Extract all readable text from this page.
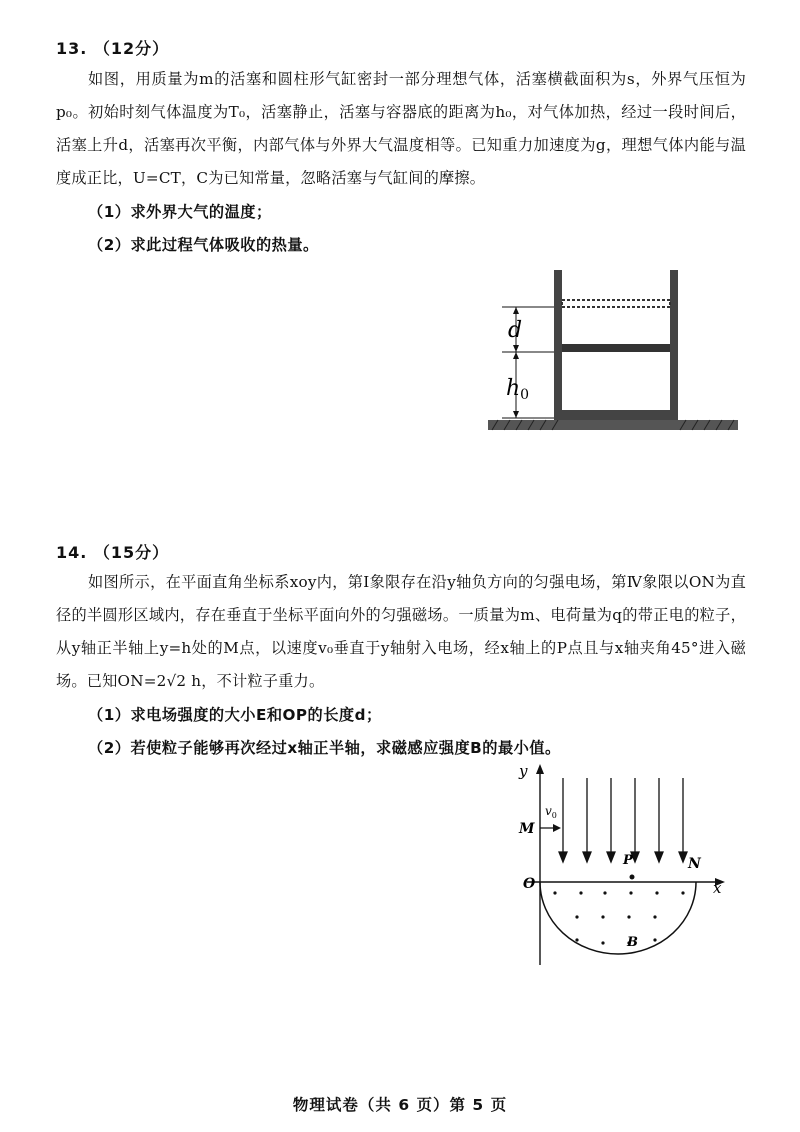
13. （12分）
如图，用质量为m的活塞和圆柱形气缸密封一部分理想气体，活塞横截面积为s，外界气压恒为p₀。初始时刻气体温度为T₀，活塞静止，活塞与容器底的距离为h₀，对气体加热，经过一段时间后，活塞上升d，活塞再次平衡，内部气体与外界大气温度相等。已知重力加速度为g，理想气体内能与温度成正比，U=CT，C为已知常量，忽略活塞与气缸间的摩擦。
（1）求外界大气的温度；
（2）求此过程气体吸收的热量。
d
h0
14. （15分）
如图所示，在平面直角坐标系xoy内，第Ⅰ象限存在沿y轴负方向的匀强电场，第Ⅳ象限以ON为直径的半圆形区域内，存在垂直于坐标平面向外的匀强磁场。一质量为m、电荷量为q的带正电的粒子，从y轴正半轴上y=h处的M点，以速度v₀垂直于y轴射入电场，经x轴上的P点且与x轴夹角45°进入磁场。已知ON=2√2 h，不计粒子重力。
（1）求电场强度的大小E和OP的长度d；
（2）若使粒子能够再次经过x轴正半轴，求磁感应强度B的最小值。
y
x
O
M
$v_0$
P	N
B
物理试卷（共 6 页）第 5 页
